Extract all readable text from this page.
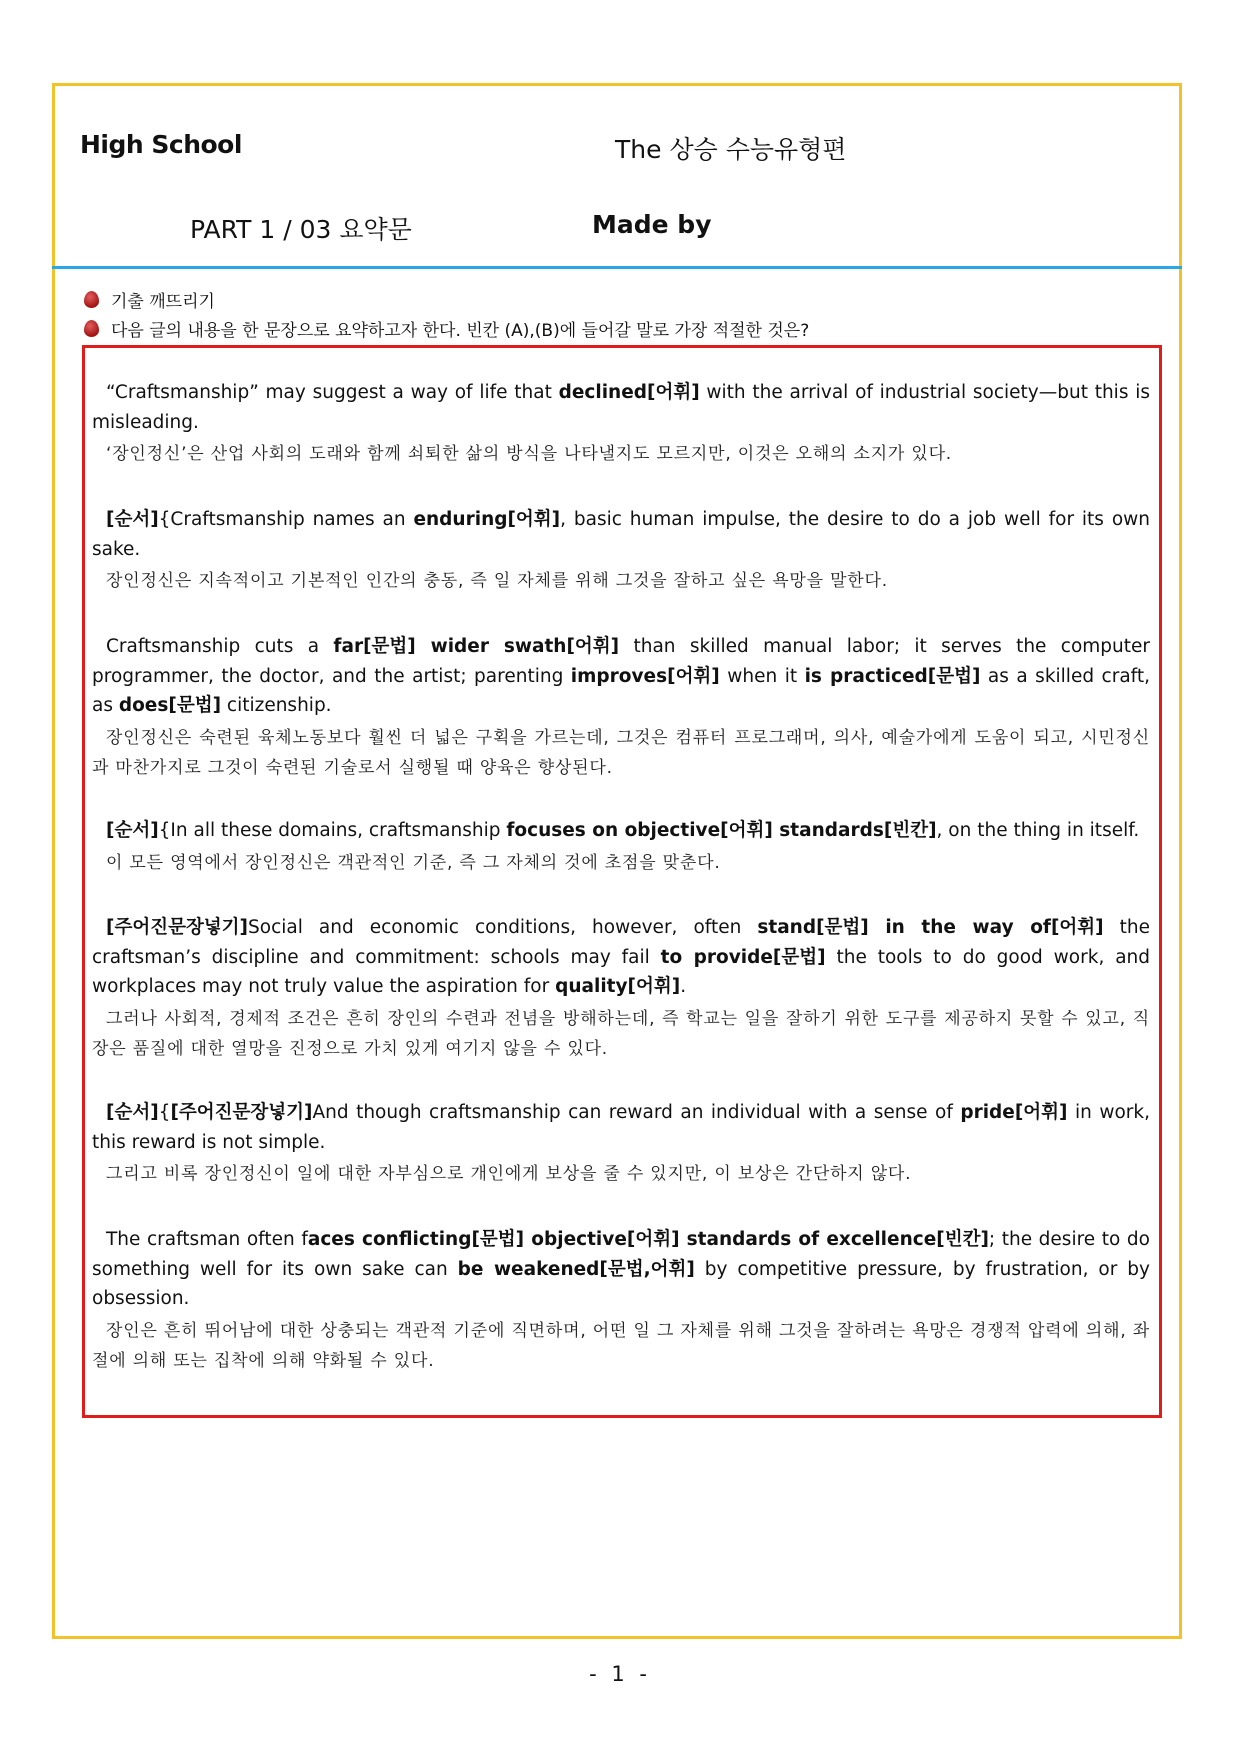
High School	The 상승 수능유형편
PART 1 / 03 요약문	Made by
기출 깨뜨리기
다음 글의 내용을 한 문장으로 요약하고자 한다. 빈칸 (A),(B)에 들어갈 말로 가장 적절한 것은?

“Craftsmanship” may suggest a way of life that declined[어휘] with the arrival of industrial society—but this is misleading.

‘장인정신’은 산업 사회의 도래와 함께 쇠퇴한 삶의 방식을 나타낼지도 모르지만, 이것은 오해의 소지가 있다.

[순서]{Craftsmanship names an enduring[어휘], basic human impulse, the desire to do a job well for its own sake.

장인정신은 지속적이고 기본적인 인간의 충동, 즉 일 자체를 위해 그것을 잘하고 싶은 욕망을 말한다.

Craftsmanship cuts a far[문법] wider swath[어휘] than skilled manual labor; it serves the computer programmer, the doctor, and the artist; parenting improves[어휘] when it is practiced[문법] as a skilled craft, as does[문법] citizenship.

장인정신은 숙련된 육체노동보다 훨씬 더 넓은 구획을 가르는데, 그것은 컴퓨터 프로그래머, 의사, 예술가에게 도움이 되고, 시민정신과 마찬가지로 그것이 숙련된 기술로서 실행될 때 양육은 향상된다.

[순서]{In all these domains, craftsmanship focuses on objective[어휘] standards[빈칸], on the thing in itself.

이 모든 영역에서 장인정신은 객관적인 기준, 즉 그 자체의 것에 초점을 맞춘다.

[주어진문장넣기]Social and economic conditions, however, often stand[문법] in the way of[어휘] the craftsman’s discipline and commitment: schools may fail to provide[문법] the tools to do good work, and workplaces may not truly value the aspiration for quality[어휘].

그러나 사회적, 경제적 조건은 흔히 장인의 수련과 전념을 방해하는데, 즉 학교는 일을 잘하기 위한 도구를 제공하지 못할 수 있고, 직장은 품질에 대한 열망을 진정으로 가치 있게 여기지 않을 수 있다.

[순서]{[주어진문장넣기]And though craftsmanship can reward an individual with a sense of pride[어휘] in work, this reward is not simple.

그리고 비록 장인정신이 일에 대한 자부심으로 개인에게 보상을 줄 수 있지만, 이 보상은 간단하지 않다.

The craftsman often faces conflicting[문법] objective[어휘] standards of excellence[빈칸]; the desire to do something well for its own sake can be weakened[문법,어휘] by competitive pressure, by frustration, or by obsession.

장인은 흔히 뛰어남에 대한 상충되는 객관적 기준에 직면하며, 어떤 일 그 자체를 위해 그것을 잘하려는 욕망은 경쟁적 압력에 의해, 좌절에 의해 또는 집착에 의해 약화될 수 있다.

- 1 -
